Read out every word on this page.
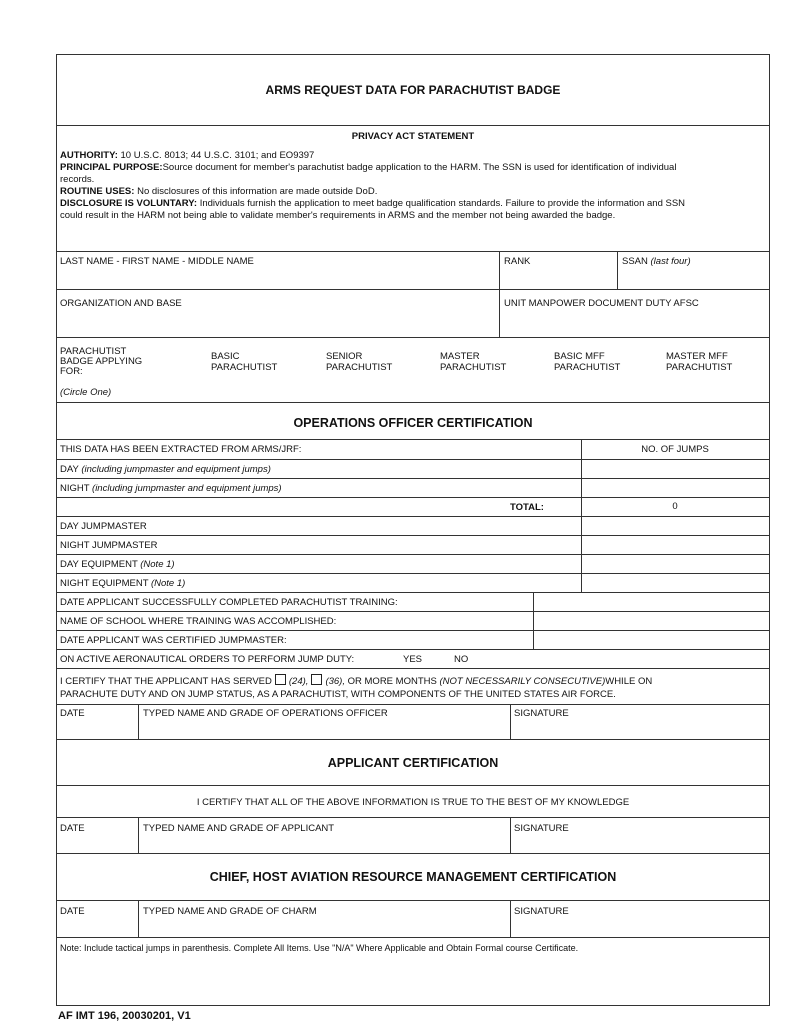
ARMS REQUEST DATA FOR PARACHUTIST BADGE
PRIVACY ACT STATEMENT
AUTHORITY: 10 U.S.C. 8013; 44 U.S.C. 3101; and EO9397
PRINCIPAL PURPOSE:Source document for member's parachutist badge application to the HARM. The SSN is used for identification of individual
records.
ROUTINE USES: No disclosures of this information are made outside DoD.
DISCLOSURE IS VOLUNTARY: Individuals furnish the application to meet badge qualification standards. Failure to provide the information and SSN
could result in the HARM not being able to validate member's requirements in ARMS and the member not being awarded the badge.
LAST NAME - FIRST NAME - MIDDLE NAME	RANK	SSAN (last four)
ORGANIZATION AND BASE	UNIT MANPOWER DOCUMENT DUTY AFSC
PARACHUTIST
BADGE APPLYING
FOR:
(Circle One)
BASIC
PARACHUTIST
SENIOR
PARACHUTIST
MASTER
PARACHUTIST
BASIC MFF
PARACHUTIST
MASTER MFF
PARACHUTIST
OPERATIONS OFFICER CERTIFICATION
THIS DATA HAS BEEN EXTRACTED FROM ARMS/JRF:	NO. OF JUMPS
DAY (including jumpmaster and equipment jumps)
NIGHT (including jumpmaster and equipment jumps)
TOTAL:	0
DAY JUMPMASTER
NIGHT JUMPMASTER
DAY EQUIPMENT (Note 1)
NIGHT EQUIPMENT (Note 1)
DATE APPLICANT SUCCESSFULLY COMPLETED PARACHUTIST TRAINING:
NAME OF SCHOOL WHERE TRAINING WAS ACCOMPLISHED:
DATE APPLICANT WAS CERTIFIED JUMPMASTER:
ON ACTIVE AERONAUTICAL ORDERS TO PERFORM JUMP DUTY:	YES	NO
I CERTIFY THAT THE APPLICANT HAS SERVED (24), (36), OR MORE MONTHS (NOT NECESSARILY CONSECUTIVE)WHILE ON
PARACHUTE DUTY AND ON JUMP STATUS, AS A PARACHUTIST, WITH COMPONENTS OF THE UNITED STATES AIR FORCE.
DATE	TYPED NAME AND GRADE OF OPERATIONS OFFICER	SIGNATURE
APPLICANT CERTIFICATION
I CERTIFY THAT ALL OF THE ABOVE INFORMATION IS TRUE TO THE BEST OF MY KNOWLEDGE
DATE	TYPED NAME AND GRADE OF APPLICANT	SIGNATURE
CHIEF, HOST AVIATION RESOURCE MANAGEMENT CERTIFICATION
DATE	TYPED NAME AND GRADE OF CHARM	SIGNATURE
Note: Include tactical jumps in parenthesis. Complete All Items. Use "N/A" Where Applicable and Obtain Formal course Certificate.
AF IMT 196, 20030201, V1
